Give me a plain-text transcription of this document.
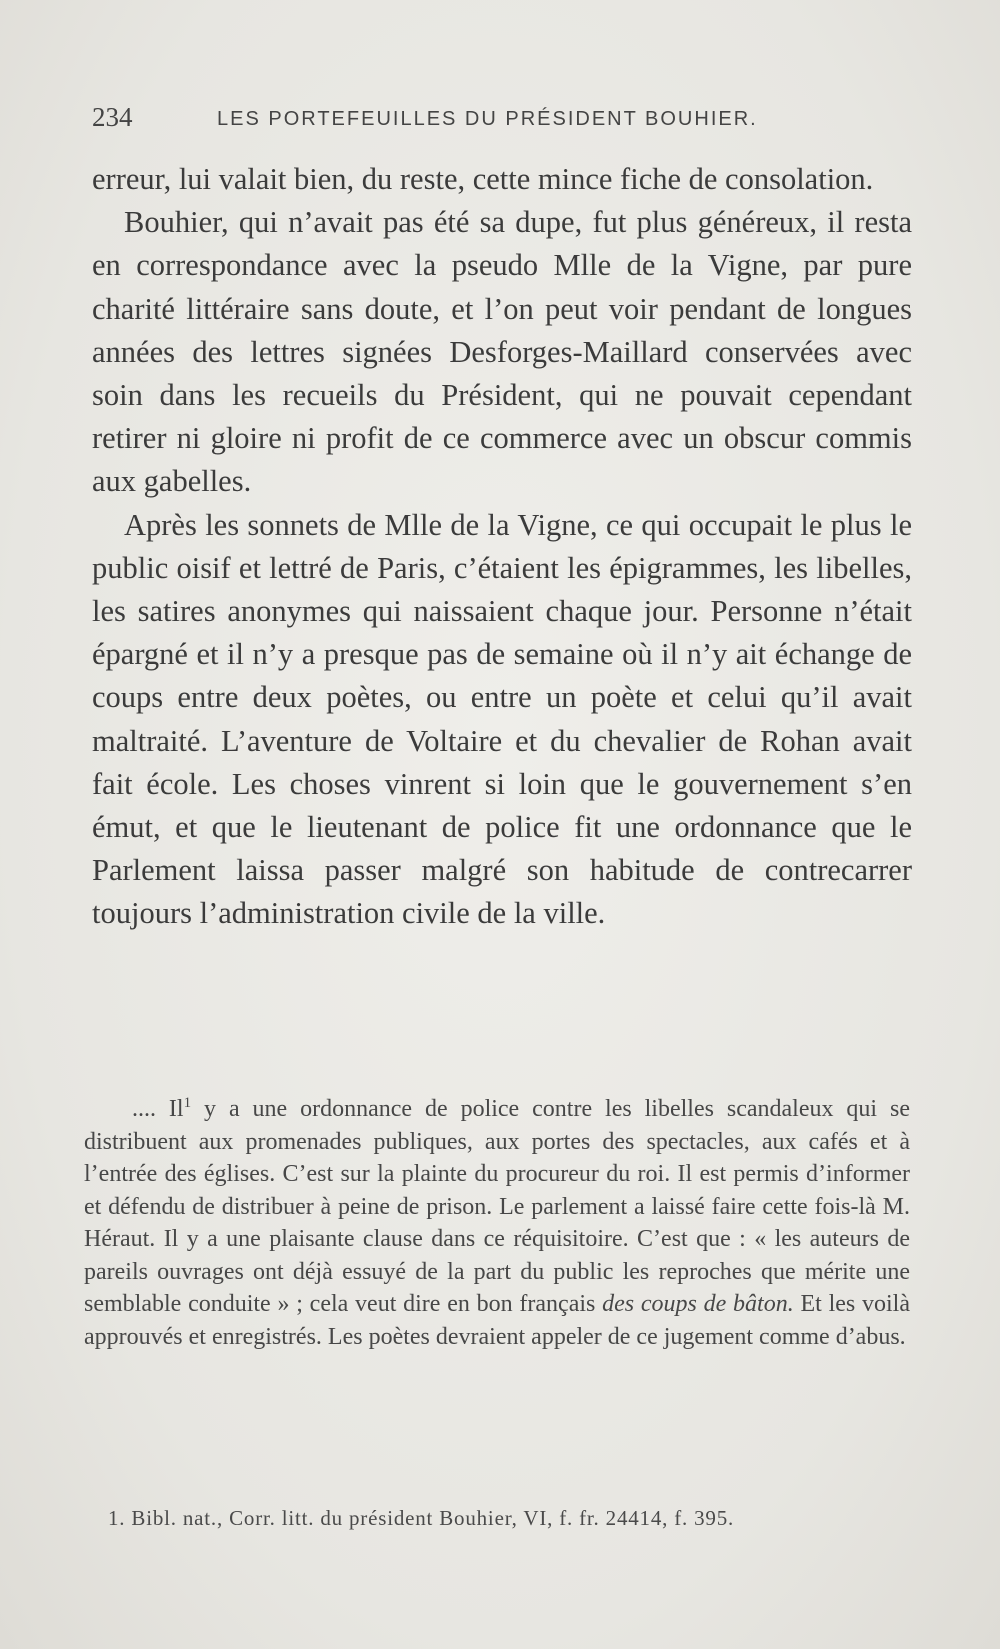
234	LES PORTEFEUILLES DU PRÉSIDENT BOUHIER.

erreur, lui valait bien, du reste, cette mince fiche de consolation.

Bouhier, qui n’avait pas été sa dupe, fut plus généreux, il resta en correspondance avec la pseudo Mlle de la Vigne, par pure charité littéraire sans doute, et l’on peut voir pendant de longues années des lettres signées Desforges-Maillard conservées avec soin dans les recueils du Président, qui ne pouvait cependant retirer ni gloire ni profit de ce commerce avec un obscur commis aux gabelles.

Après les sonnets de Mlle de la Vigne, ce qui occupait le plus le public oisif et lettré de Paris, c’étaient les épigrammes, les libelles, les satires anonymes qui naissaient chaque jour. Personne n’était épargné et il n’y a presque pas de semaine où il n’y ait échange de coups entre deux poètes, ou entre un poète et celui qu’il avait maltraité. L’aventure de Voltaire et du chevalier de Rohan avait fait école. Les choses vinrent si loin que le gouvernement s’en émut, et que le lieutenant de police fit une ordonnance que le Parlement laissa passer malgré son habitude de contrecarrer toujours l’administration civile de la ville.

.... Il$^1$ y a une ordonnance de police contre les libelles scandaleux qui se distribuent aux promenades publiques, aux portes des spectacles, aux cafés et à l’entrée des églises. C’est sur la plainte du procureur du roi. Il est permis d’informer et défendu de distribuer à peine de prison. Le parlement a laissé faire cette fois-là M. Héraut. Il y a une plaisante clause dans ce réquisitoire. C’est que : « les auteurs de pareils ouvrages ont déjà essuyé de la part du public les reproches que mérite une semblable conduite » ; cela veut dire en bon français des coups de bâton. Et les voilà approuvés et enregistrés. Les poètes devraient appeler de ce jugement comme d’abus.

1. Bibl. nat., Corr. litt. du président Bouhier, VI, f. fr. 24414, f. 395.
